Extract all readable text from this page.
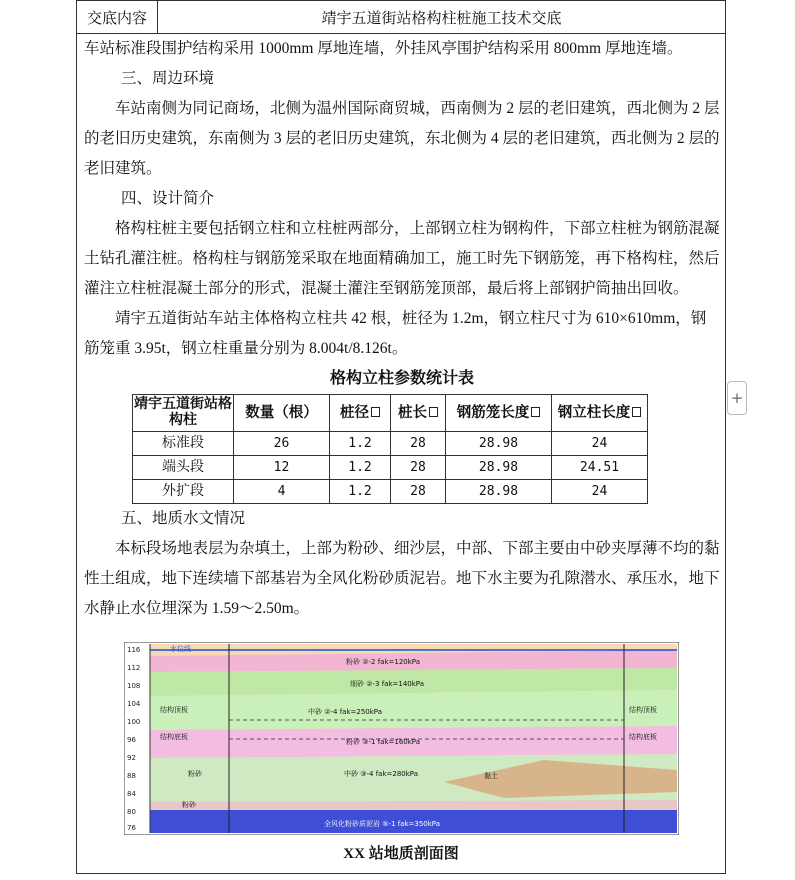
交底内容	靖宇五道街站格构柱桩施工技术交底

车站标准段围护结构采用 1000mm 厚地连墙，外挂风亭围护结构采用 800mm 厚地连墙。

三、周边环境

车站南侧为同记商场，北侧为温州国际商贸城，西南侧为 2 层的老旧建筑，西北侧为 2 层的老旧历史建筑，东南侧为 3 层的老旧历史建筑，东北侧为 4 层的老旧建筑，西北侧为 2 层的老旧建筑。

四、设计简介

格构柱桩主要包括钢立柱和立柱桩两部分，上部钢立柱为钢构件，下部立柱桩为钢筋混凝土钻孔灌注桩。格构柱与钢筋笼采取在地面精确加工，施工时先下钢筋笼，再下格构柱，然后灌注立柱桩混凝土部分的形式，混凝土灌注至钢筋笼顶部，最后将上部钢护筒抽出回收。

靖宇五道街站车站主体格构立柱共 42 根，桩径为 1.2m，钢立柱尺寸为 610×610mm，钢筋笼重 3.95t，钢立柱重量分别为 8.004t/8.126t。

格构立柱参数统计表
靖宇五道街站格构柱	数量（根）	桩径	桩长	钢筋笼长度	钢立柱长度
标准段	26	1.2	28	28.98	24
端头段	12	1.2	28	28.98	24.51
外扩段	4	1.2	28	28.98	24

五、地质水文情况

本标段场地表层为杂填土，上部为粉砂、细沙层，中部、下部主要由中砂夹厚薄不均的黏性土组成，地下连续墙下部基岩为全风化粉砂质泥岩。地下水主要为孔隙潜水、承压水，地下水静止水位埋深为 1.59～2.50m。

116
112
108
104
100
96
92
88
84
80
76
水位线
结构顶板	结构顶板
结构底板	结构底板
粉砂 ②-2 fak=120kPa
细砂 ②-3 fak=140kPa
中砂 ②-4 fak=250kPa
粉砂 ③-1 fak=160kPa
中砂 ③-4 fak=280kPa	黏土
全风化粉砂质泥岩 ⑤-1 fak=350kPa
粉砂
粉砂
XX 站地质剖面图
+
